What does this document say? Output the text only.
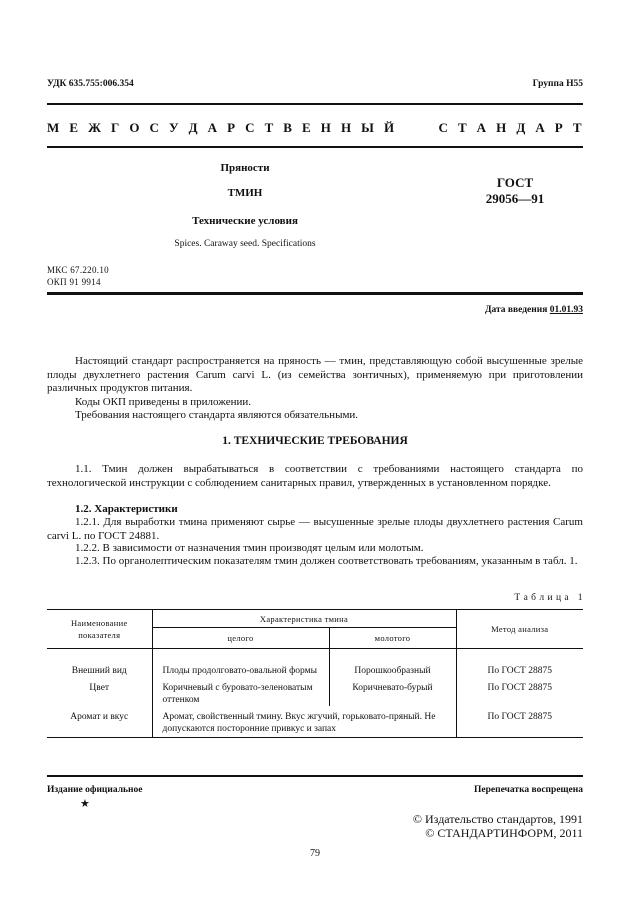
УДК 635.755:006.354	Группа Н55
М Е Ж Г О С У Д А Р С Т В Е Н Н Ы Й     С Т А Н Д А Р Т
Пряности
ТМИН
Технические условия
Spices. Caraway seed. Specifications
ГОСТ
29056—91
МКС 67.220.10
ОКП 91 9914
Дата введения 01.01.93
Настоящий стандарт распространяется на пряность — тмин, представляющую собой высушенные зрелые плоды двухлетнего растения Carum carvi L. (из семейства зонтичных), применяемую при приготовлении различных продуктов питания.
Коды ОКП приведены в приложении.
Требования настоящего стандарта являются обязательными.
1. ТЕХНИЧЕСКИЕ ТРЕБОВАНИЯ
1.1. Тмин должен вырабатываться в соответствии с требованиями настоящего стандарта по технологической инструкции с соблюдением санитарных правил, утвержденных в установленном порядке.
1.2. Характеристики
1.2.1. Для выработки тмина применяют сырье — высушенные зрелые плоды двухлетнего растения Carum carvi L. по ГОСТ 24881.
1.2.2. В зависимости от назначения тмин производят целым или молотым.
1.2.3. По органолептическим показателям тмин должен соответствовать требованиям, указанным в табл. 1.
Т а б л и ц а   1
Наименование показателя	Характеристика тмина		Метод анализа
	целого	молотого	
Внешний вид	Плоды продолговато-овальной формы	Порошкообразный	По ГОСТ 28875
Цвет	Коричневый с буровато-зеленоватым оттенком	Коричневато-бурый	По ГОСТ 28875
Аромат и вкус	Аромат, свойственный тмину. Вкус жгучий, горьковато-пряный. Не допускаются посторонние привкус и запах		По ГОСТ 28875
Издание официальное	Перепечатка воспрещена
★
© Издательство стандартов, 1991
© СТАНДАРТИНФОРМ, 2011
79
